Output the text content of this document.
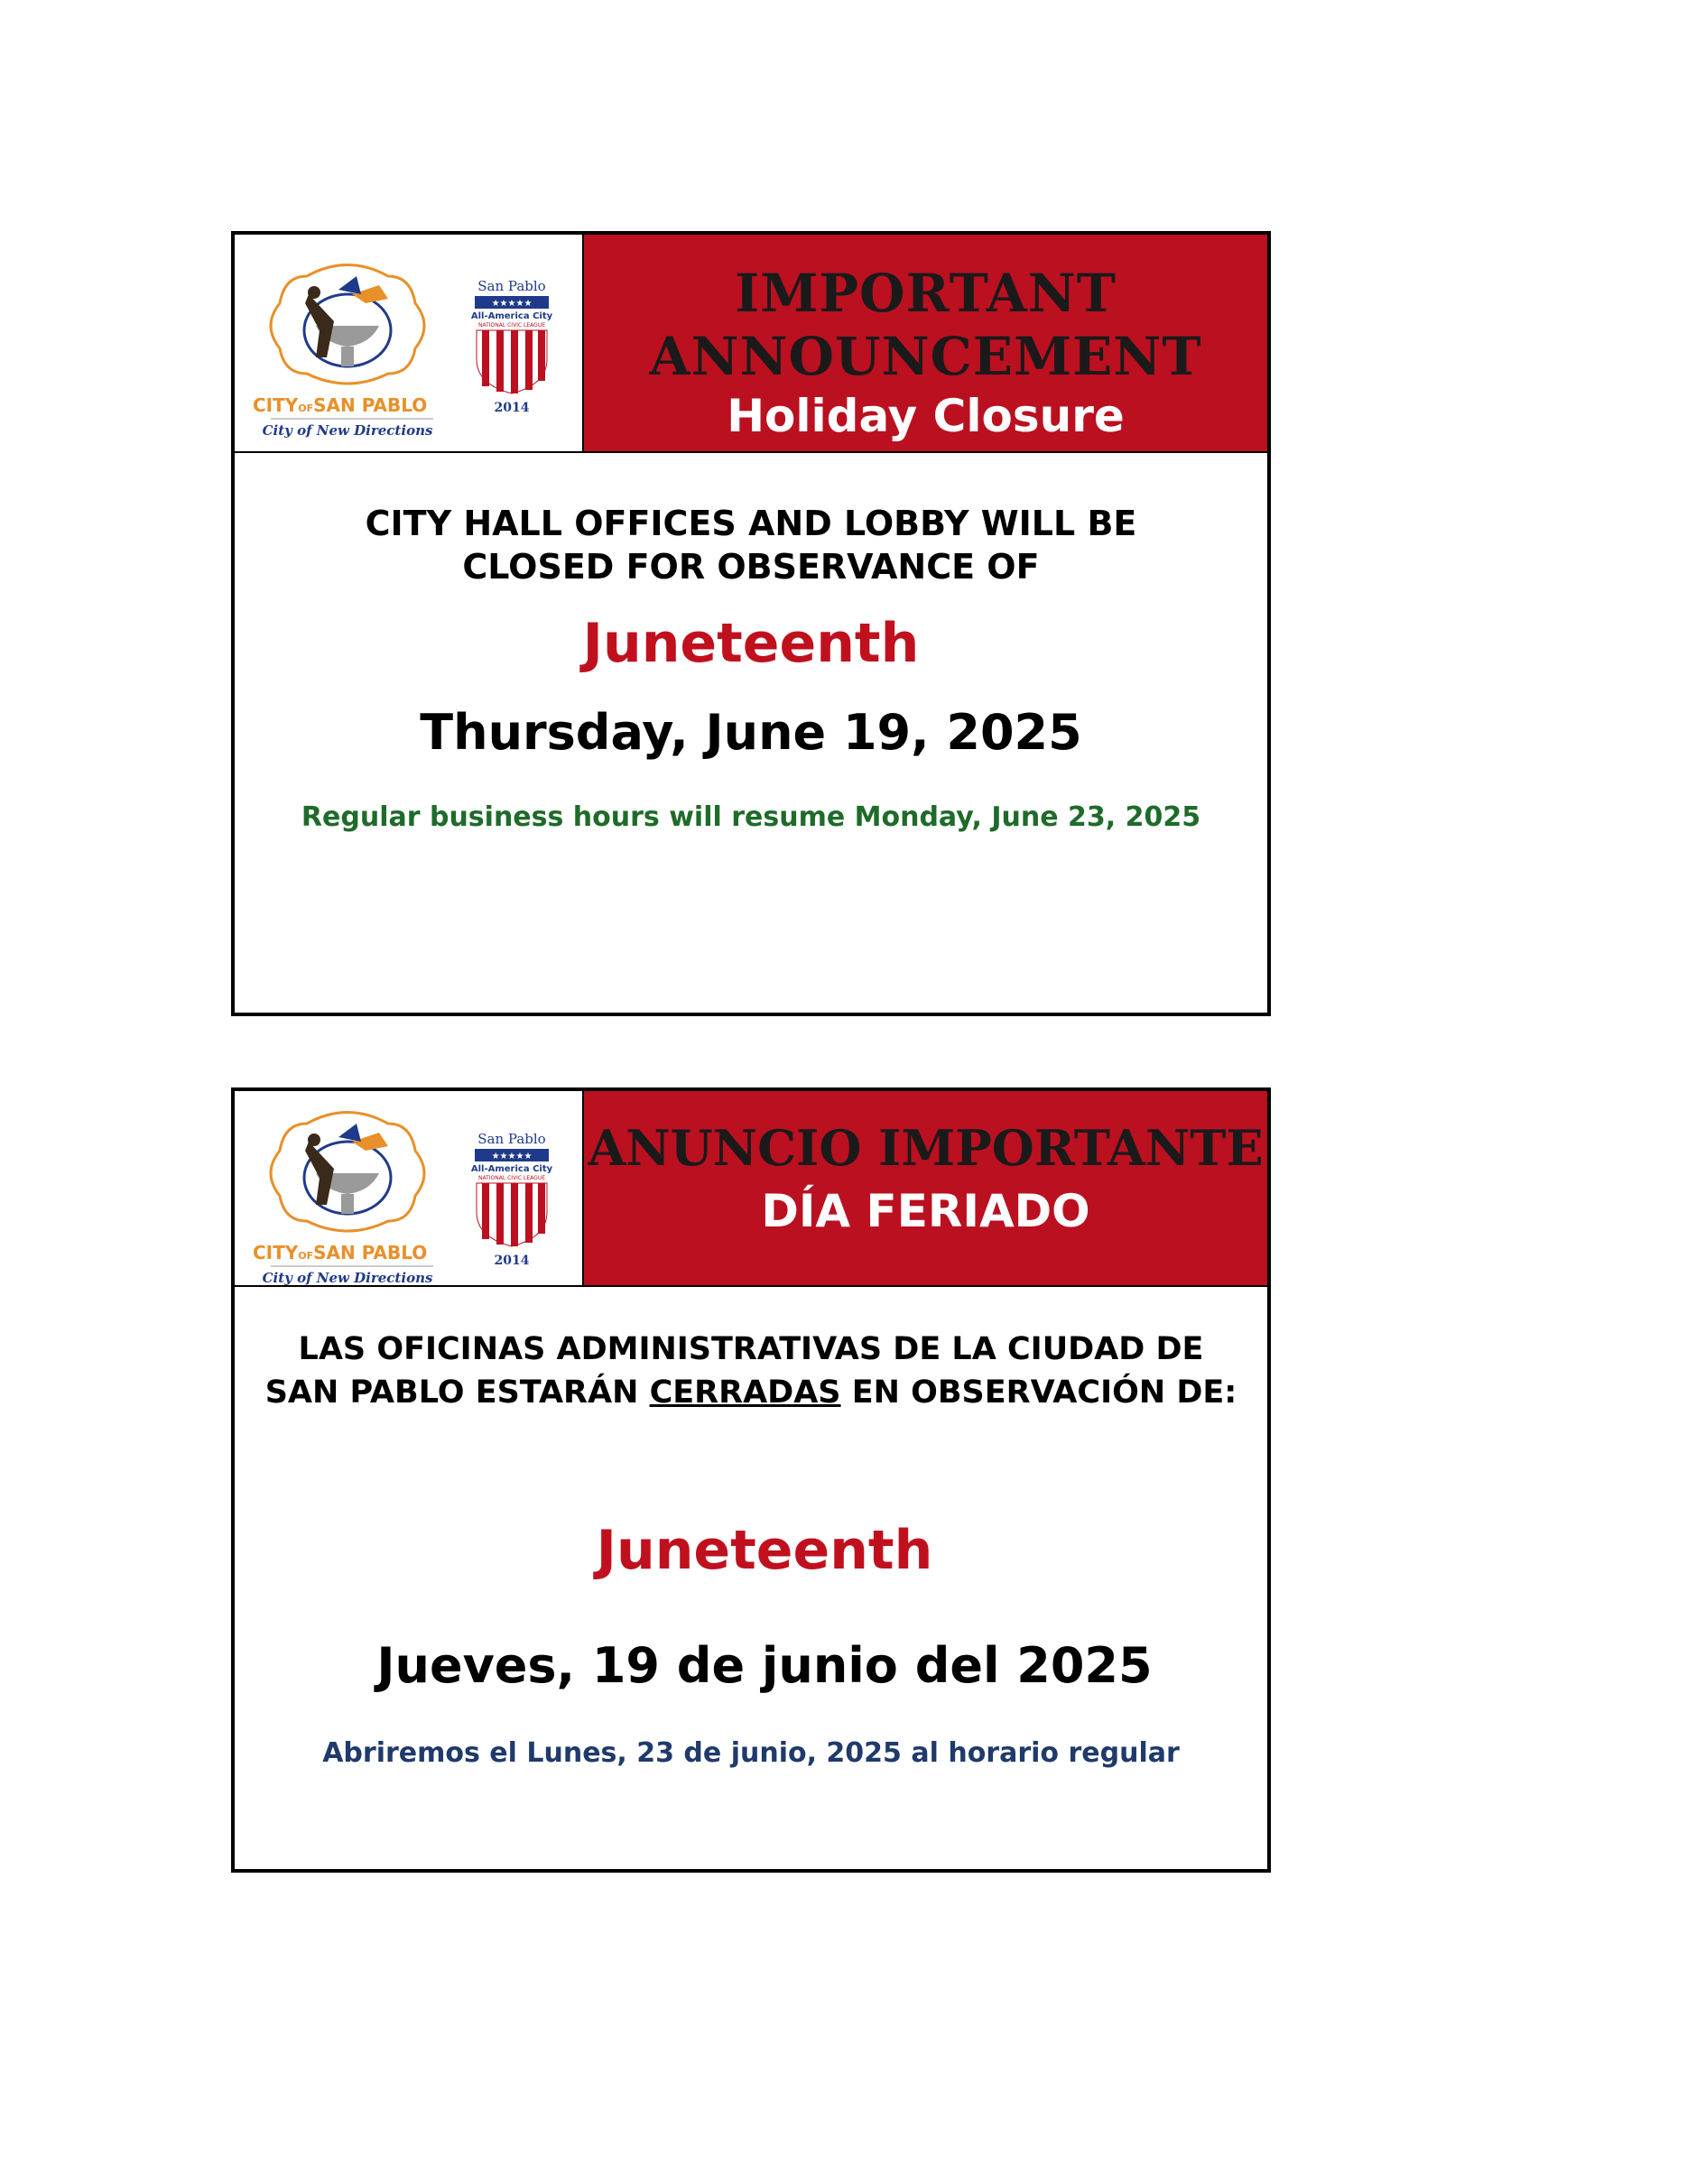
CITYOFSAN PABLO
City of New Directions
San Pablo
★★★★★
All-America City
NATIONAL CIVIC LEAGUE
2014
IMPORTANT
ANNOUNCEMENT
Holiday Closure
CITY HALL OFFICES AND LOBBY WILL BE
CLOSED FOR OBSERVANCE OF
Juneteenth
Thursday, June 19, 2025
Regular business hours will resume Monday, June 23, 2025
CITYOFSAN PABLO
City of New Directions
San Pablo
★★★★★
All-America City
NATIONAL CIVIC LEAGUE
2014
ANUNCIO IMPORTANTE
DÍA FERIADO
LAS OFICINAS ADMINISTRATIVAS DE LA CIUDAD DE
SAN PABLO ESTARÁN CERRADAS EN OBSERVACIÓN DE:
Juneteenth
Jueves, 19 de junio del 2025
Abriremos el Lunes, 23 de junio, 2025 al horario regular
